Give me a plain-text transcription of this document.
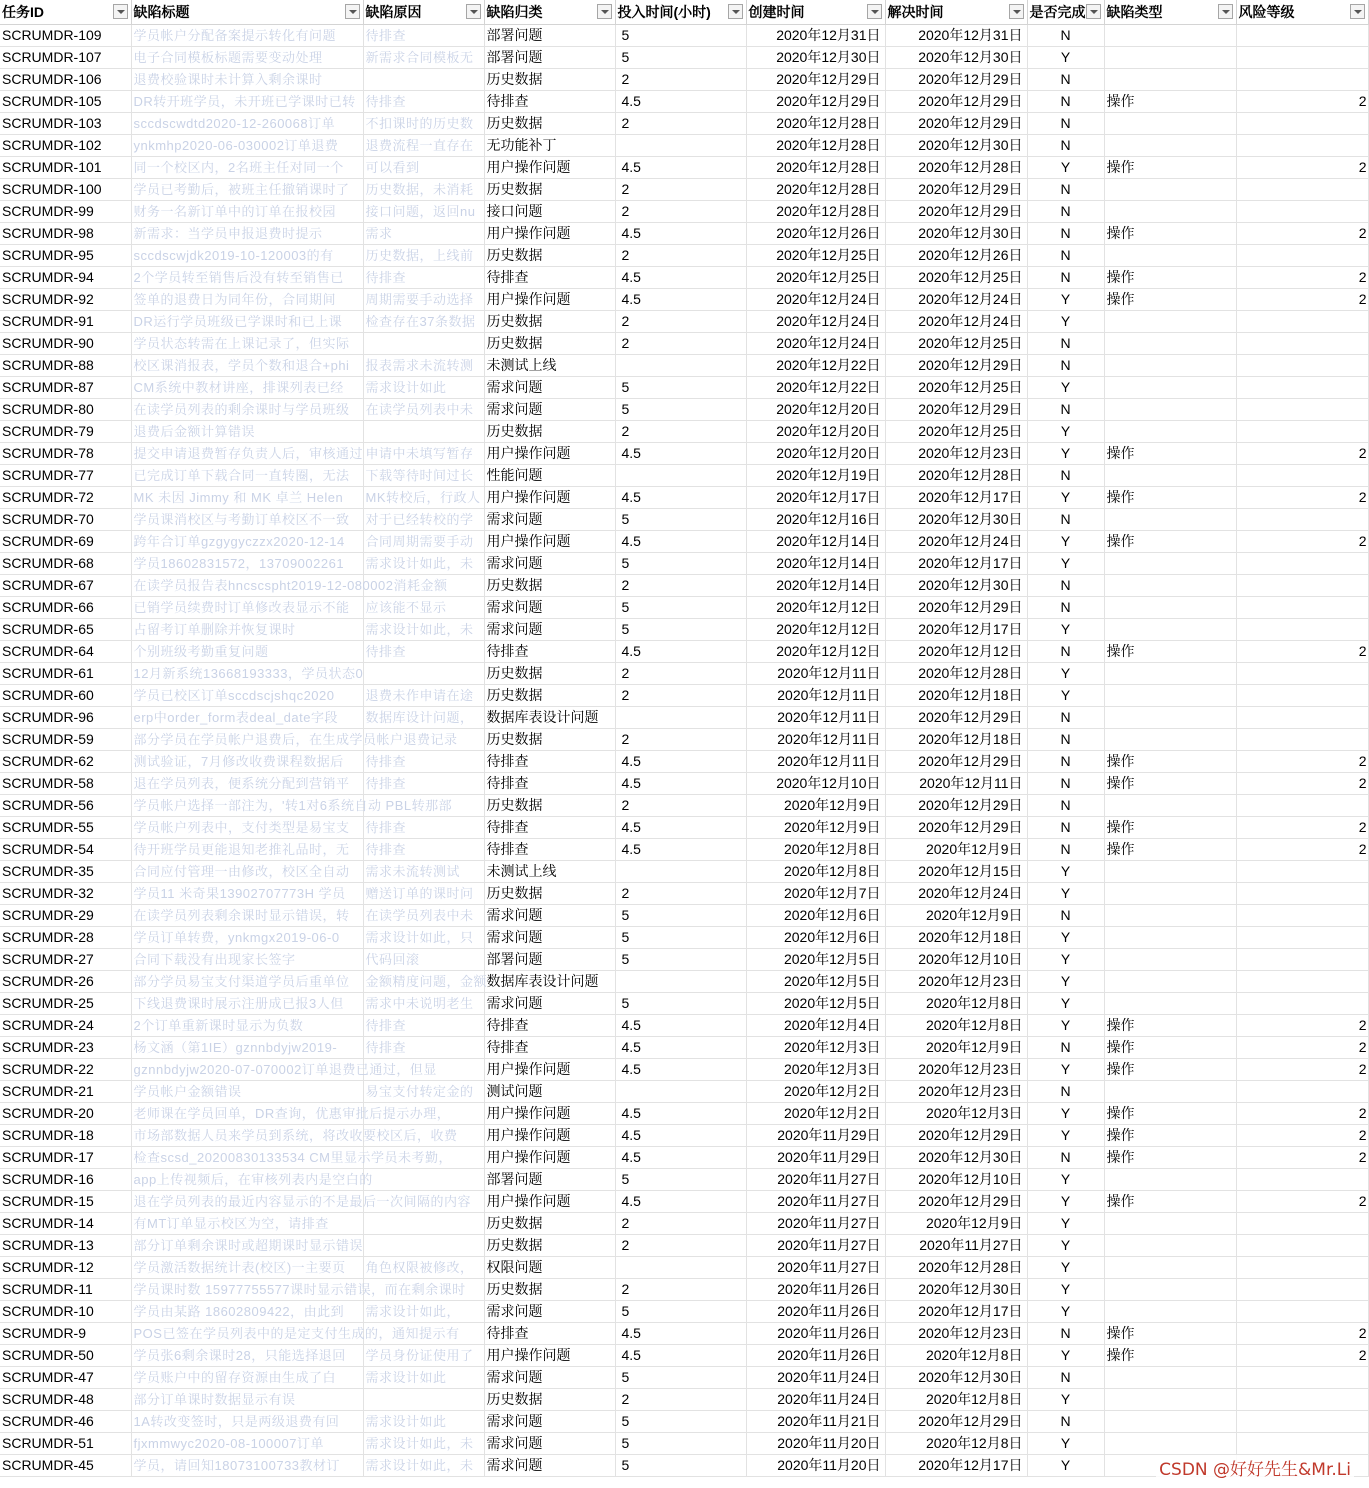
任务ID	缺陷标题	缺陷原因	缺陷归类	投入时间(小时)	创建时间	解决时间	是否完成	缺陷类型	风险等级

SCRUMDR-109	学员帐户分配备案提示转化有问题	待排查	部署问题	5	2020年12月31日	2020年12月31日	N		
SCRUMDR-107	电子合同模板标题需要变动处理	新需求合同模板无	部署问题	5	2020年12月30日	2020年12月30日	Y		
SCRUMDR-106	退费校验课时未计算入剩余课时		历史数据	2	2020年12月29日	2020年12月29日	N		
SCRUMDR-105	DR转开班学员，未开班已学课时已转	待排查	待排查	4.5	2020年12月29日	2020年12月29日	N	操作	2
SCRUMDR-103	sccdscwdtd2020-12-260068订单	不扣课时的历史数	历史数据	2	2020年12月28日	2020年12月29日	N		
SCRUMDR-102	ynkmhp2020-06-030002订单退费	退费流程一直存在	无功能补丁		2020年12月28日	2020年12月30日	N		
SCRUMDR-101	同一个校区内，2名班主任对同一个	可以看到	用户操作问题	4.5	2020年12月28日	2020年12月28日	Y	操作	2
SCRUMDR-100	学员已考勤后，被班主任撤销课时了	历史数据，未消耗	历史数据	2	2020年12月28日	2020年12月29日	N		
SCRUMDR-99	财务一名新订单中的订单在报校园	接口问题，返回nu	接口问题	2	2020年12月28日	2020年12月29日	N		
SCRUMDR-98	新需求：当学员申报退费时提示	需求	用户操作问题	4.5	2020年12月26日	2020年12月30日	N	操作	2
SCRUMDR-95	sccdscwjdk2019-10-120003的有	历史数据，上线前	历史数据	2	2020年12月25日	2020年12月26日	N		
SCRUMDR-94	2个学员转至销售后没有转至销售已	待排查	待排查	4.5	2020年12月25日	2020年12月25日	N	操作	2
SCRUMDR-92	签单的退费日为同年份，合同期间	周期需要手动选择	用户操作问题	4.5	2020年12月24日	2020年12月24日	Y	操作	2
SCRUMDR-91	DR运行学员班级已学课时和已上课	检查存在37条数据	历史数据	2	2020年12月24日	2020年12月24日	Y		
SCRUMDR-90	学员状态转需在上课记录了，但实际		历史数据	2	2020年12月24日	2020年12月25日	N		
SCRUMDR-88	校区课消报表，学员个数和退合+phi	报表需求未流转测	未测试上线		2020年12月22日	2020年12月29日	N		
SCRUMDR-87	CM系统中教材讲座，排课列表已经	需求设计如此	需求问题	5	2020年12月22日	2020年12月25日	Y		
SCRUMDR-80	在读学员列表的剩余课时与学员班级	在读学员列表中未	需求问题	5	2020年12月20日	2020年12月29日	N		
SCRUMDR-79	退费后金额计算错误		历史数据	2	2020年12月20日	2020年12月25日	Y		
SCRUMDR-78	提交申请退费暂存负责人后，审核通过	申请中未填写暂存	用户操作问题	4.5	2020年12月20日	2020年12月23日	Y	操作	2
SCRUMDR-77	已完成订单下载合同一直转圈，无法	下载等待时间过长	性能问题		2020年12月19日	2020年12月28日	N		
SCRUMDR-72	MK 未因 Jimmy 和 MK 卓兰 Helen	MK转校后，行政人	用户操作问题	4.5	2020年12月17日	2020年12月17日	Y	操作	2
SCRUMDR-70	学员课消校区与考勤订单校区不一致	对于已经转校的学	需求问题	5	2020年12月16日	2020年12月30日	N		
SCRUMDR-69	跨年合订单gzgygyczzx2020-12-14	合同周期需要手动	用户操作问题	4.5	2020年12月14日	2020年12月24日	Y	操作	2
SCRUMDR-68	学员18602831572，13709002261	需求设计如此，未	需求问题	5	2020年12月14日	2020年12月17日	Y		
SCRUMDR-67	在读学员报告表hncscspht2019-12-080002消耗金额		历史数据	2	2020年12月14日	2020年12月30日	N		
SCRUMDR-66	已销学员续费时订单修改表显示不能	应该能不显示	需求问题	5	2020年12月12日	2020年12月29日	N		
SCRUMDR-65	占留考订单删除并恢复课时	需求设计如此，未	需求问题	5	2020年12月12日	2020年12月17日	Y		
SCRUMDR-64	个别班级考勤重复问题	待排查	待排查	4.5	2020年12月12日	2020年12月12日	N	操作	2
SCRUMDR-61	12月新系统13668193333，学员状态0		历史数据	2	2020年12月11日	2020年12月28日	Y		
SCRUMDR-60	学员已校区订单sccdscjshqc2020	退费未作申请在途	历史数据	2	2020年12月11日	2020年12月18日	Y		
SCRUMDR-96	erp中order_form表deal_date字段	数据库设计问题，	数据库表设计问题		2020年12月11日	2020年12月29日	N		
SCRUMDR-59	部分学员在学员帐户退费后，在生成学员帐户退费记录		历史数据	2	2020年12月11日	2020年12月18日	N		
SCRUMDR-62	测试验证，7月修改收费课程数据后	待排查	待排查	4.5	2020年12月11日	2020年12月29日	N	操作	2
SCRUMDR-58	退在学员列表，便系统分配到营销平	待排查	待排查	4.5	2020年12月10日	2020年12月11日	N	操作	2
SCRUMDR-56	学员帐户选择一部注为，'转1对6系统自动 PBL转那部		历史数据	2	2020年12月9日	2020年12月29日	N		
SCRUMDR-55	学员帐户列表中，支付类型是易宝支	待排查	待排查	4.5	2020年12月9日	2020年12月29日	N	操作	2
SCRUMDR-54	待开班学员更能退知老推礼品时，无	待排查	待排查	4.5	2020年12月8日	2020年12月9日	N	操作	2
SCRUMDR-35	合同应付管理一由修改，校区全自动	需求未流转测试	未测试上线		2020年12月8日	2020年12月15日	Y		
SCRUMDR-32	学员11 米奇果13902707773H 学员	赠送订单的课时问	历史数据	2	2020年12月7日	2020年12月24日	Y		
SCRUMDR-29	在读学员列表剩余课时显示错误，转	在读学员列表中未	需求问题	5	2020年12月6日	2020年12月9日	N		
SCRUMDR-28	学员订单转费，ynkmgx2019-06-0	需求设计如此，只	需求问题	5	2020年12月6日	2020年12月18日	Y		
SCRUMDR-27	合同下载没有出现家长签字	代码回滚	部署问题	5	2020年12月5日	2020年12月10日	Y		
SCRUMDR-26	部分学员易宝支付渠道学员后重单位	金额精度问题，金额	数据库表设计问题		2020年12月5日	2020年12月23日	Y		
SCRUMDR-25	下线退费课时展示注册成已报3人但	需求中未说明老生	需求问题	5	2020年12月5日	2020年12月8日	Y		
SCRUMDR-24	2个订单重新课时显示为负数	待排查	待排查	4.5	2020年12月4日	2020年12月8日	Y	操作	2
SCRUMDR-23	杨文涵（第1IE）gznnbdyjw2019-	待排查	待排查	4.5	2020年12月3日	2020年12月9日	N	操作	2
SCRUMDR-22	gznnbdyjw2020-07-070002订单退费已通过，但显		用户操作问题	4.5	2020年12月3日	2020年12月23日	Y	操作	2
SCRUMDR-21	学员帐户金额错误	易宝支付转定金的	测试问题		2020年12月2日	2020年12月23日	N		
SCRUMDR-20	老师课在学员回单，DR查询，优惠审批后提示办理，		用户操作问题	4.5	2020年12月2日	2020年12月3日	Y	操作	2
SCRUMDR-18	市场部数据人员来学员到系统，将改收要校区后，收费		用户操作问题	4.5	2020年11月29日	2020年12月29日	Y	操作	2
SCRUMDR-17	检查scsd_20200830133534 CM里显示学员未考勤，		用户操作问题	4.5	2020年11月29日	2020年12月30日	N	操作	2
SCRUMDR-16	app上传视频后，在审核列表内是空白的		部署问题	5	2020年11月27日	2020年12月10日	Y		
SCRUMDR-15	退在学员列表的最近内容显示的不是最后一次间隔的内容		用户操作问题	4.5	2020年11月27日	2020年12月29日	Y	操作	2
SCRUMDR-14	有MT订单显示校区为空，请排查		历史数据	2	2020年11月27日	2020年12月9日	Y		
SCRUMDR-13	部分订单剩余课时或超期课时显示错误		历史数据	2	2020年11月27日	2020年11月27日	Y		
SCRUMDR-12	学员激活数据统计表(校区)一主要页	角色权限被修改，	权限问题		2020年11月27日	2020年12月28日	Y		
SCRUMDR-11	学员课时数 15977755577课时显示错误，而在剩余课时		历史数据	2	2020年11月26日	2020年12月30日	Y		
SCRUMDR-10	学员由某路 18602809422，由此到	需求设计如此，	需求问题	5	2020年11月26日	2020年12月17日	Y		
SCRUMDR-9	POS已签在学员列表中的是定支付生成的，通知提示有		待排查	4.5	2020年11月26日	2020年12月23日	N	操作	2
SCRUMDR-50	学员张6剩余课时28，只能选择退回	学员身份证使用了	用户操作问题	4.5	2020年11月26日	2020年12月8日	Y	操作	2
SCRUMDR-47	学员账户中的留存资源由生成了白	需求设计如此	需求问题	5	2020年11月24日	2020年12月30日	N		
SCRUMDR-48	部分订单课时数据显示有误		历史数据	2	2020年11月24日	2020年12月8日	Y		
SCRUMDR-46	1A转改变签时，只是两级退费有回	需求设计如此	需求问题	5	2020年11月21日	2020年12月29日	N		
SCRUMDR-51	fjxmmwyc2020-08-100007订单	需求设计如此，未	需求问题	5	2020年11月20日	2020年12月8日	Y		
SCRUMDR-45	学员，请回知18073100733教材订	需求设计如此，未	需求问题	5	2020年11月20日	2020年12月17日	Y			CSDN @好好先生&Mr.Li
